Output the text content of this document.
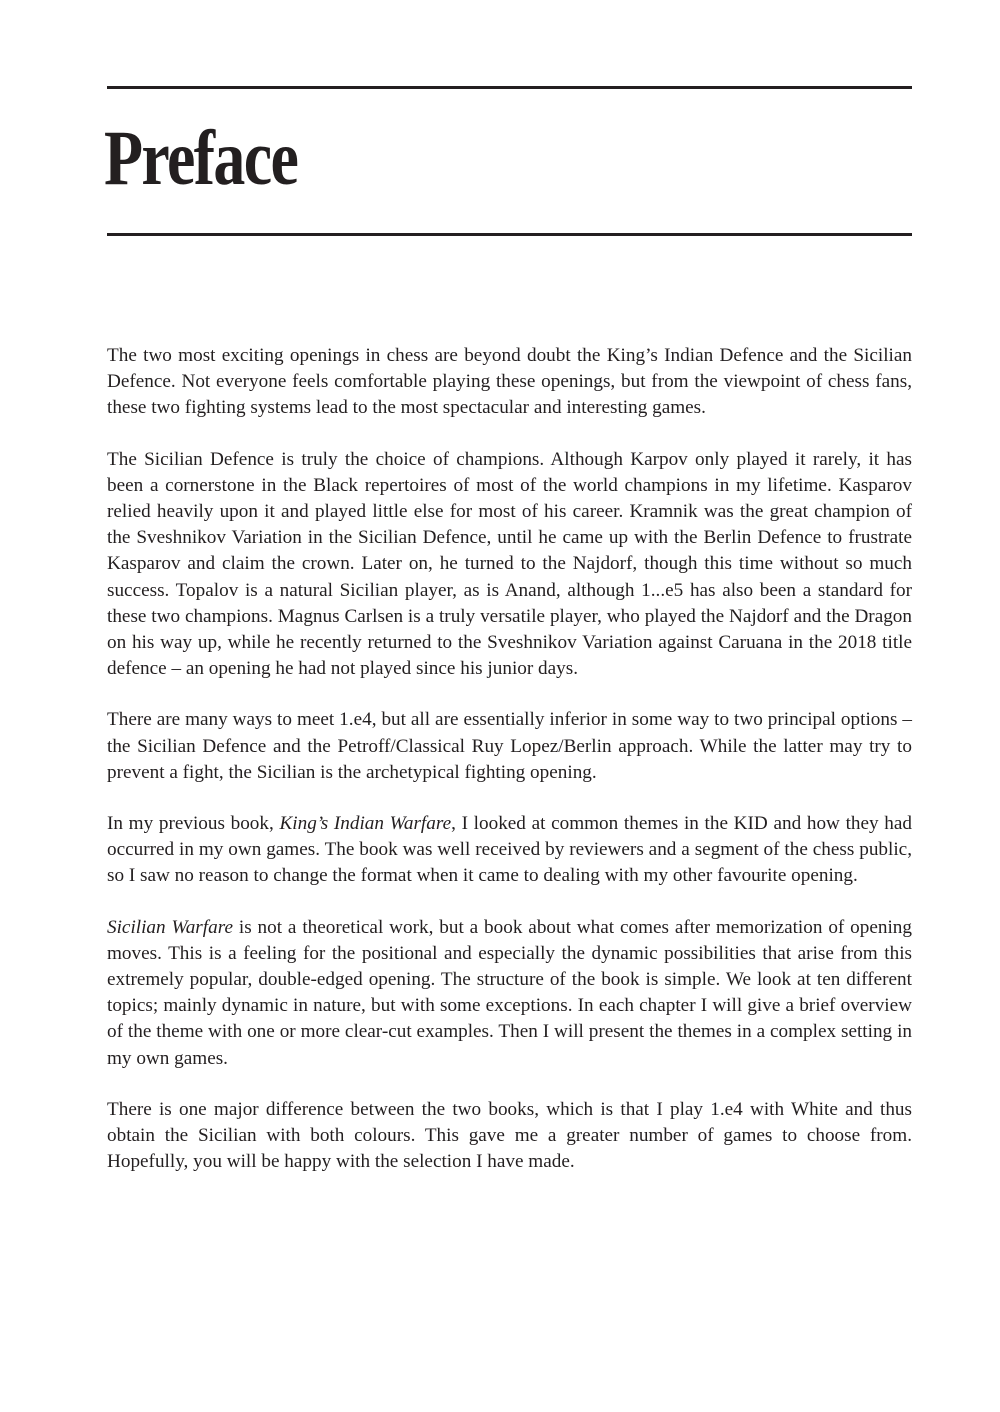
Preface

The two most exciting openings in chess are beyond doubt the King’s Indian Defence and the Sicilian Defence. Not everyone feels comfortable playing these openings, but from the viewpoint of chess fans, these two fighting systems lead to the most spectacular and interesting games.

The Sicilian Defence is truly the choice of champions. Although Karpov only played it rarely, it has been a cornerstone in the Black repertoires of most of the world champions in my lifetime. Kasparov relied heavily upon it and played little else for most of his career. Kramnik was the great champion of the Sveshnikov Variation in the Sicilian Defence, until he came up with the Berlin Defence to frustrate Kasparov and claim the crown. Later on, he turned to the Najdorf, though this time without so much success. Topalov is a natural Sicilian player, as is Anand, although 1...e5 has also been a standard for these two champions. Magnus Carlsen is a truly versatile player, who played the Najdorf and the Dragon on his way up, while he recently returned to the Sveshnikov Variation against Caruana in the 2018 title defence – an opening he had not played since his junior days.

There are many ways to meet 1.e4, but all are essentially inferior in some way to two principal options – the Sicilian Defence and the Petroff/Classical Ruy Lopez/Berlin approach. While the latter may try to prevent a fight, the Sicilian is the archetypical fighting opening.

In my previous book, King’s Indian Warfare, I looked at common themes in the KID and how they had occurred in my own games. The book was well received by reviewers and a segment of the chess public, so I saw no reason to change the format when it came to dealing with my other favourite opening.

Sicilian Warfare is not a theoretical work, but a book about what comes after memorization of opening moves. This is a feeling for the positional and especially the dynamic possibilities that arise from this extremely popular, double-edged opening. The structure of the book is simple. We look at ten different topics; mainly dynamic in nature, but with some exceptions. In each chapter I will give a brief overview of the theme with one or more clear-cut examples. Then I will present the themes in a complex setting in my own games.

There is one major difference between the two books, which is that I play 1.e4 with White and thus obtain the Sicilian with both colours. This gave me a greater number of games to choose from. Hopefully, you will be happy with the selection I have made.
